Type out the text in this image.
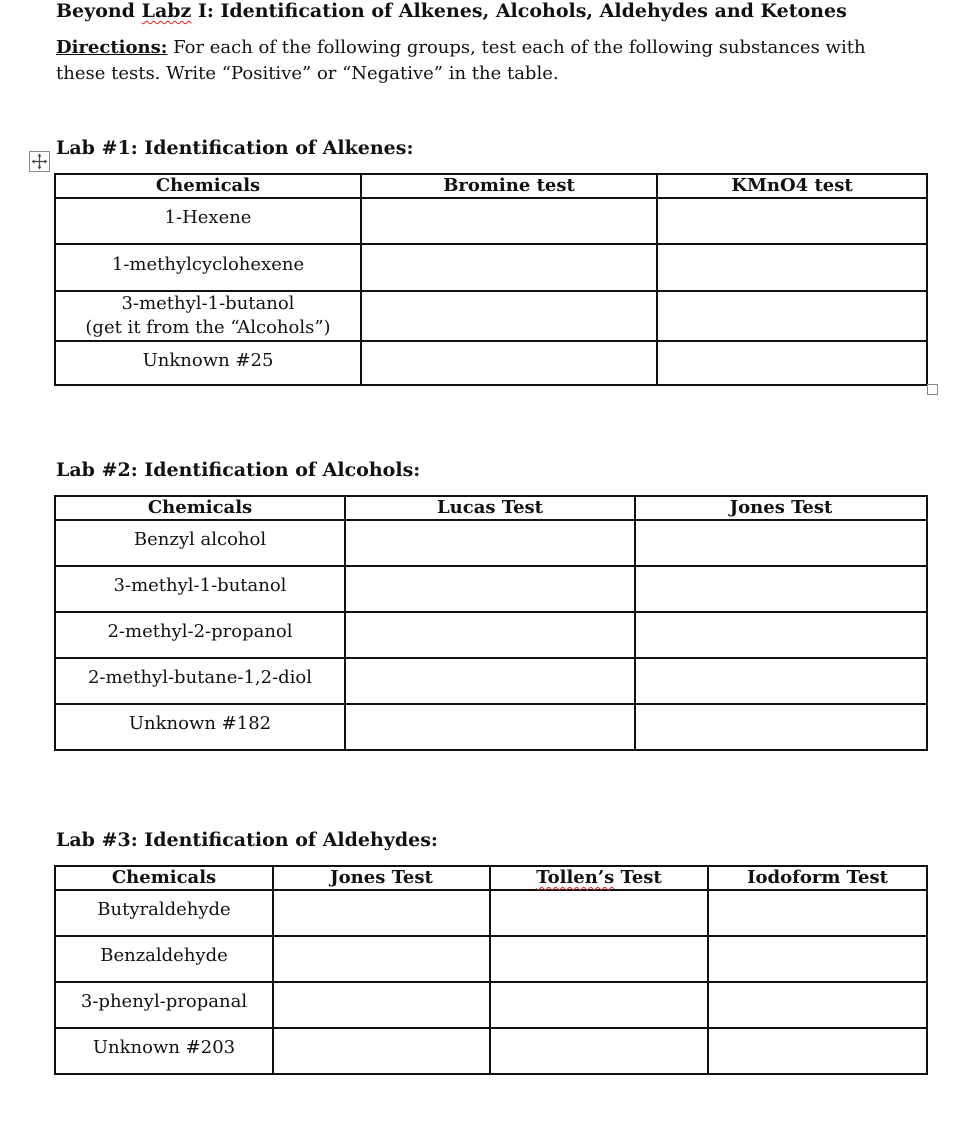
Beyond Labz I: Identification of Alkenes, Alcohols, Aldehydes and Ketones
Directions: For each of the following groups, test each of the following substances with these tests. Write “Positive” or “Negative” in the table.
Lab #1: Identification of Alkenes:
Chemicals	Bromine test	KMnO4 test
1-Hexene		
1-methylcyclohexene		

3-methyl-1-butanol
(get it from the “Alcohols”)		

Unknown #25		
Lab #2: Identification of Alcohols:
Chemicals	Lucas Test	Jones Test
Benzyl alcohol		
3-methyl-1-butanol		
2-methyl-2-propanol		
2-methyl-butane-1,2-diol		
Unknown #182		
Lab #3: Identification of Aldehydes:
Chemicals	Jones Test	Tollen’s Test	Iodoform Test
Butyraldehyde			
Benzaldehyde			
3-phenyl-propanal			
Unknown #203			
